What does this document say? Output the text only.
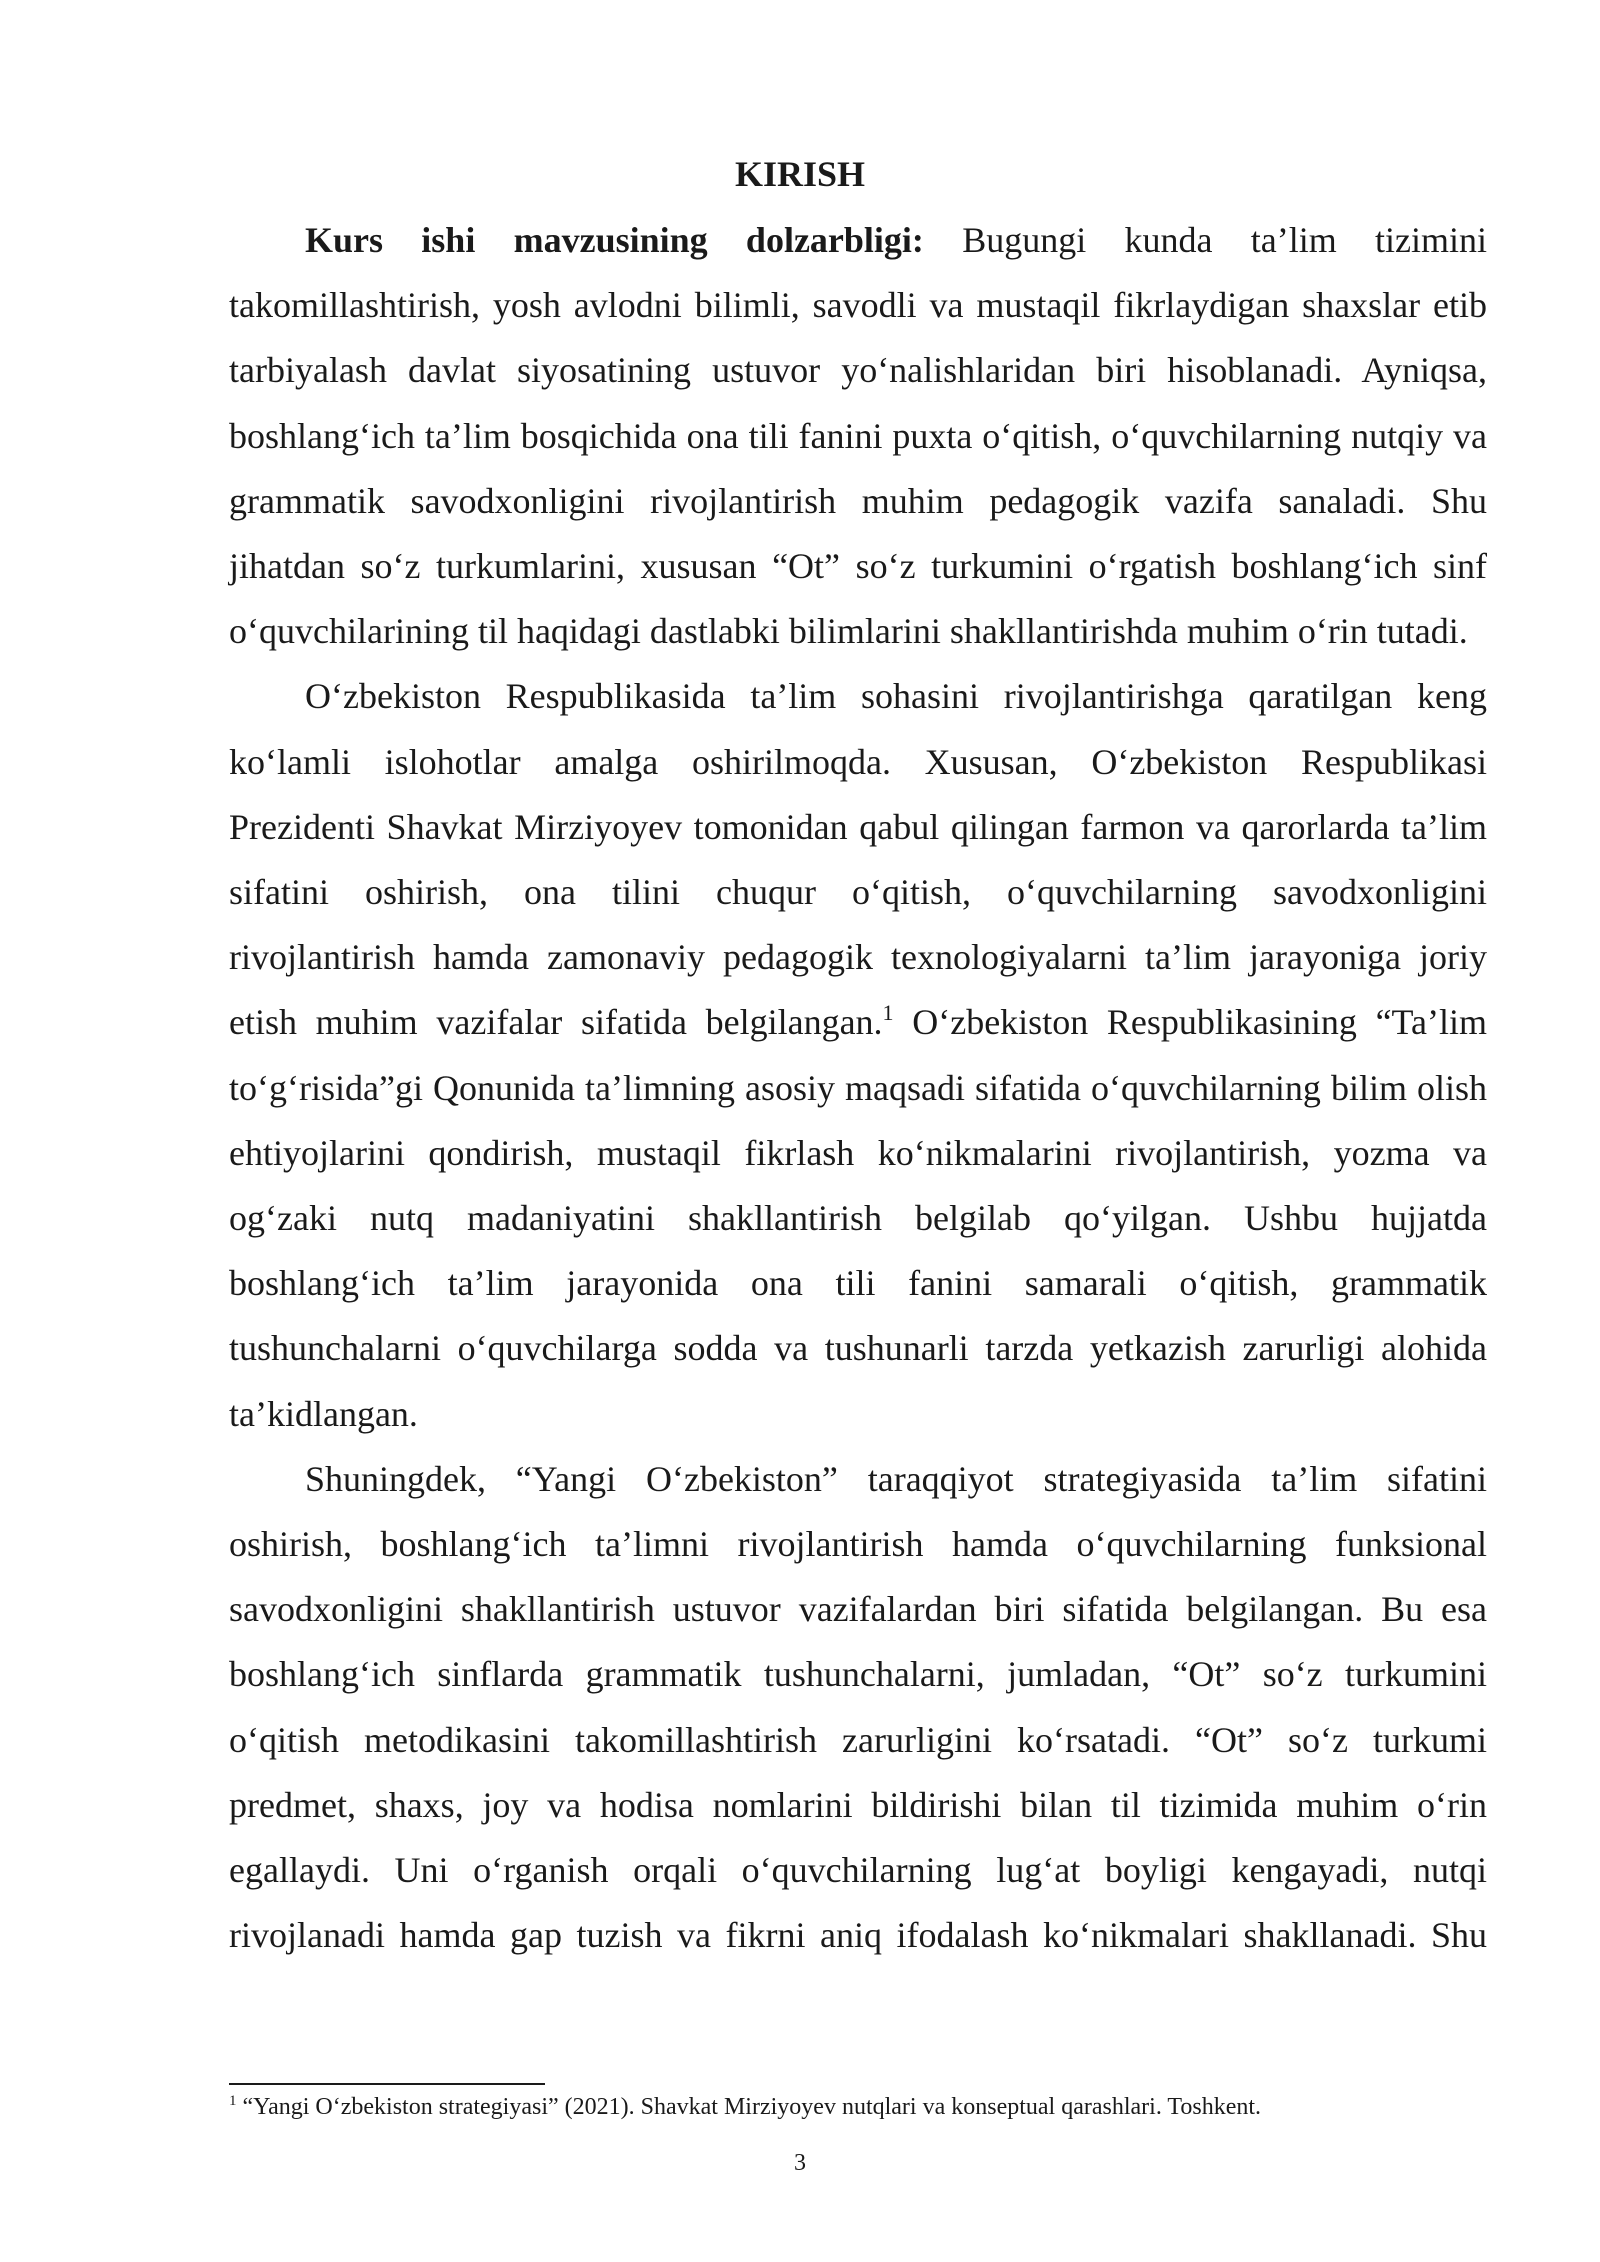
KIRISH

Kurs ishi mavzusining dolzarbligi: Bugungi kunda ta’lim tizimini takomillashtirish, yosh avlodni bilimli, savodli va mustaqil fikrlaydigan shaxslar etib tarbiyalash davlat siyosatining ustuvor yoʻnalishlaridan biri hisoblanadi. Ayniqsa, boshlangʻich ta’lim bosqichida ona tili fanini puxta oʻqitish, oʻquvchilarning nutqiy va grammatik savodxonligini rivojlantirish muhim pedagogik vazifa sanaladi. Shu jihatdan soʻz turkumlarini, xususan “Ot” soʻz turkumini oʻrgatish boshlangʻich sinf oʻquvchilarining til haqidagi dastlabki bilimlarini shakllantirishda muhim oʻrin tutadi.

Oʻzbekiston Respublikasida ta’lim sohasini rivojlantirishga qaratilgan keng koʻlamli islohotlar amalga oshirilmoqda. Xususan, Oʻzbekiston Respublikasi Prezidenti Shavkat Mirziyoyev tomonidan qabul qilingan farmon va qarorlarda ta’lim sifatini oshirish, ona tilini chuqur oʻqitish, oʻquvchilarning savodxonligini rivojlantirish hamda zamonaviy pedagogik texnologiyalarni ta’lim jarayoniga joriy etish muhim vazifalar sifatida belgilangan.$^1$ Oʻzbekiston Respublikasining “Ta’lim toʻgʻrisida”gi Qonunida ta’limning asosiy maqsadi sifatida oʻquvchilarning bilim olish ehtiyojlarini qondirish, mustaqil fikrlash koʻnikmalarini rivojlantirish, yozma va ogʻzaki nutq madaniyatini shakllantirish belgilab qoʻyilgan. Ushbu hujjatda boshlangʻich ta’lim jarayonida ona tili fanini samarali oʻqitish, grammatik tushunchalarni oʻquvchilarga sodda va tushunarli tarzda yetkazish zarurligi alohida ta’kidlangan.

Shuningdek, “Yangi Oʻzbekiston” taraqqiyot strategiyasida ta’lim sifatini oshirish, boshlangʻich ta’limni rivojlantirish hamda oʻquvchilarning funksional savodxonligini shakllantirish ustuvor vazifalardan biri sifatida belgilangan. Bu esa boshlangʻich sinflarda grammatik tushunchalarni, jumladan, “Ot” soʻz turkumini oʻqitish metodikasini takomillashtirish zarurligini koʻrsatadi. “Ot” soʻz turkumi predmet, shaxs, joy va hodisa nomlarini bildirishi bilan til tizimida muhim oʻrin egallaydi. Uni oʻrganish orqali oʻquvchilarning lugʻat boyligi kengayadi, nutqi rivojlanadi hamda gap tuzish va fikrni aniq ifodalash koʻnikmalari shakllanadi. Shu

$^1$ “Yangi Oʻzbekiston strategiyasi” (2021). Shavkat Mirziyoyev nutqlari va konseptual qarashlari. Toshkent.
3
